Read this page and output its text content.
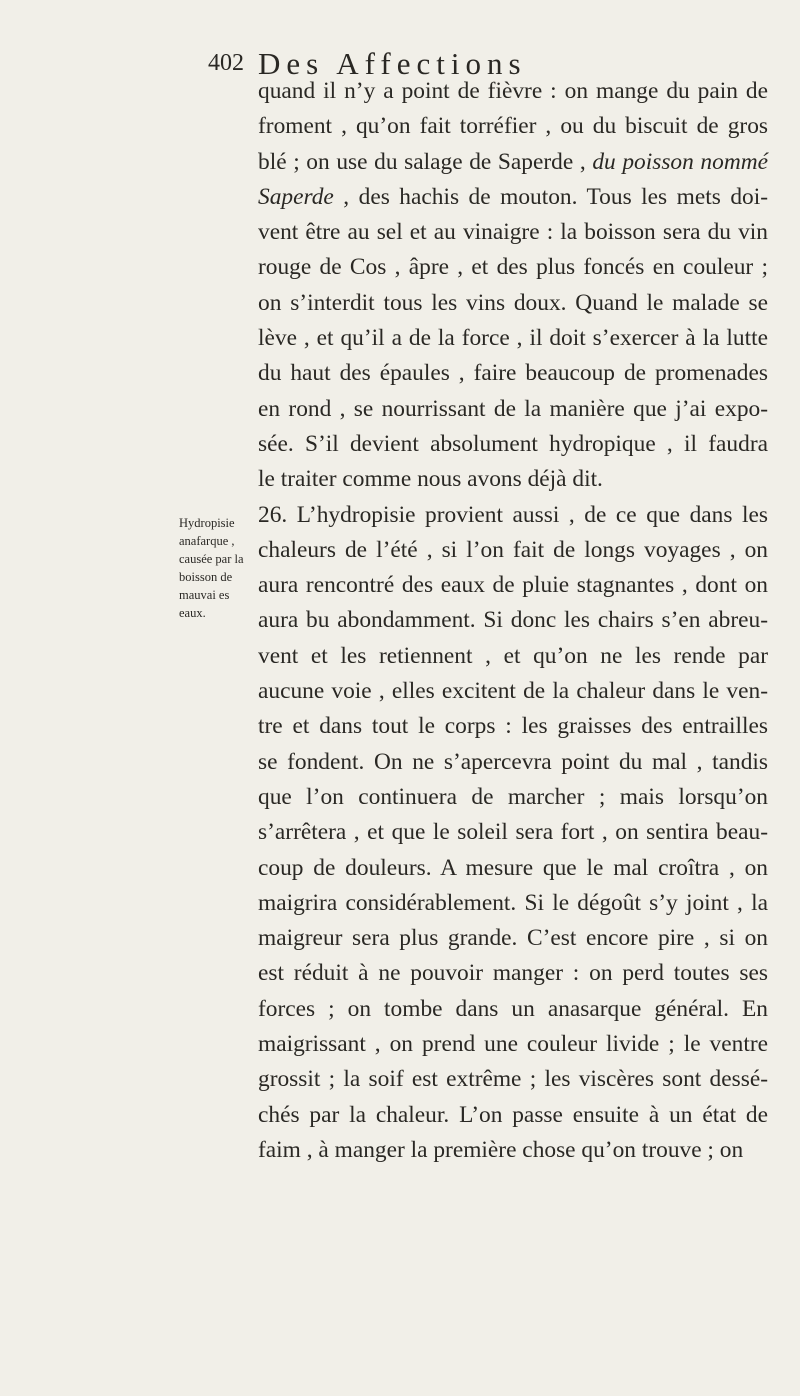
402 Des Affections
Hydropisie
anafarque ,
causée par la
boisson de
mauvai es
eaux.
quand il n’y a point de fièvre : on mange du pain de
froment , qu’on fait torréfier , ou du biscuit de gros
blé ; on use du salage de Saperde , du poisson nommé
Saperde , des hachis de mouton. Tous les mets doi-
vent être au sel et au vinaigre : la boisson sera du vin
rouge de Cos , âpre , et des plus foncés en couleur ;
on s’interdit tous les vins doux. Quand le malade se
lève , et qu’il a de la force , il doit s’exercer à la lutte
du haut des épaules , faire beaucoup de promenades
en rond , se nourrissant de la manière que j’ai expo-
sée. S’il devient absolument hydropique , il faudra
le traiter comme nous avons déjà dit.
26. L’hydropisie provient aussi , de ce que dans les
chaleurs de l’été , si l’on fait de longs voyages , on
aura rencontré des eaux de pluie stagnantes , dont on
aura bu abondamment. Si donc les chairs s’en abreu-
vent et les retiennent , et qu’on ne les rende par
aucune voie , elles excitent de la chaleur dans le ven-
tre et dans tout le corps : les graisses des entrailles
se fondent. On ne s’apercevra point du mal , tandis
que l’on continuera de marcher ; mais lorsqu’on
s’arrêtera , et que le soleil sera fort , on sentira beau-
coup de douleurs. A mesure que le mal croîtra , on
maigrira considérablement. Si le dégoût s’y joint , la
maigreur sera plus grande. C’est encore pire , si on
est réduit à ne pouvoir manger : on perd toutes ses
forces ; on tombe dans un anasarque général. En
maigrissant , on prend une couleur livide ; le ventre
grossit ; la soif est extrême ; les viscères sont dessé-
chés par la chaleur. L’on passe ensuite à un état de
faim , à manger la première chose qu’on trouve ; on
